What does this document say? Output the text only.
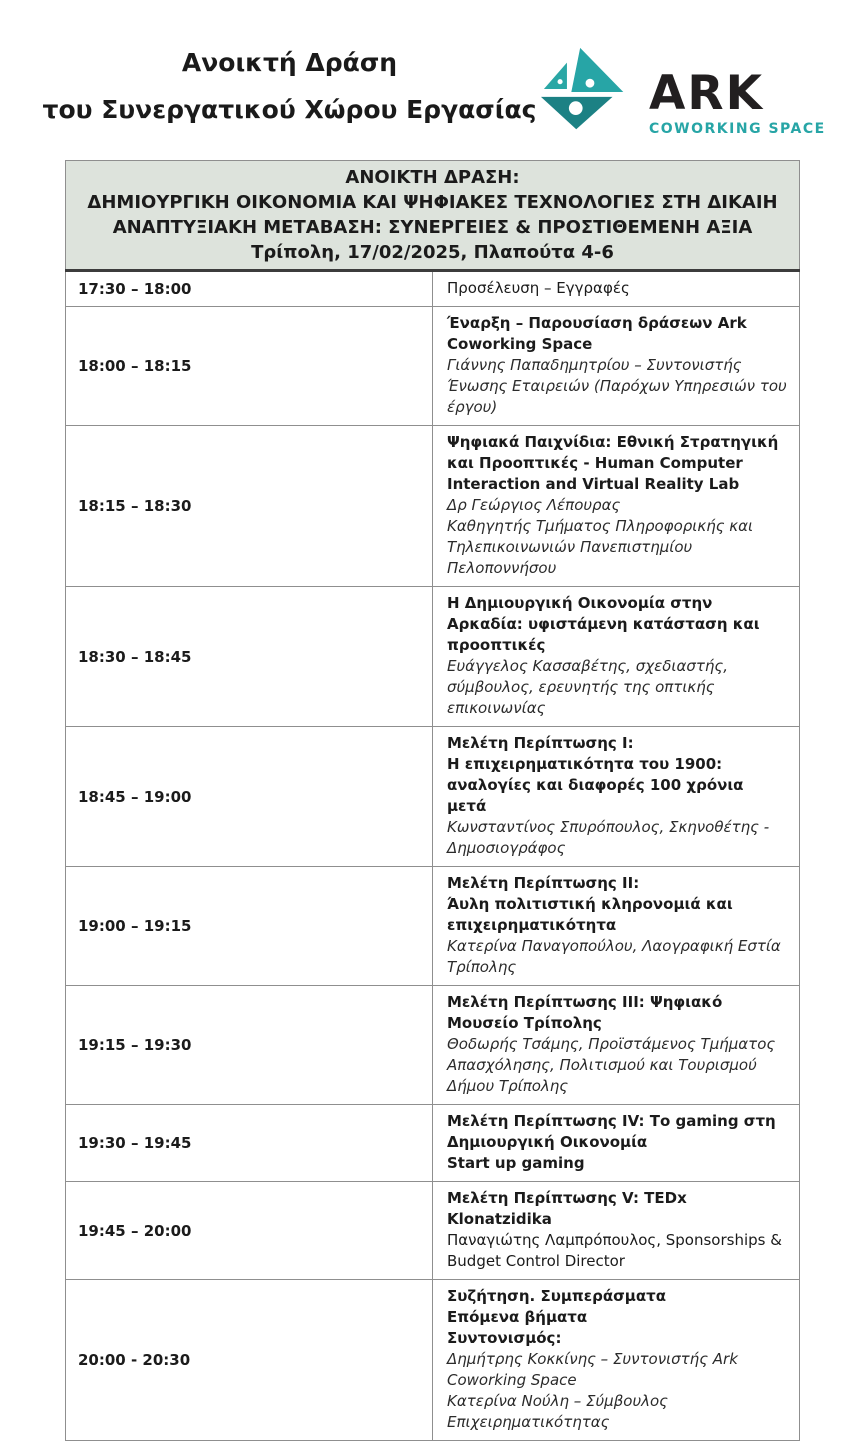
Ανοικτή Δράση
του Συνεργατικού Χώρου Εργασίας ARK
COWORKING SPACE
ΑΝΟΙΚΤΗ ΔΡΑΣΗ:
ΔΗΜΙΟΥΡΓΙΚΗ ΟΙΚΟΝΟΜΙΑ ΚΑΙ ΨΗΦΙΑΚΕΣ ΤΕΧΝΟΛΟΓΙΕΣ ΣΤΗ ΔΙΚΑΙΗ
ΑΝΑΠΤΥΞΙΑΚΗ ΜΕΤΑΒΑΣΗ: ΣΥΝΕΡΓΕΙΕΣ & ΠΡΟΣΤΙΘΕΜΕΝΗ ΑΞΙΑ
Τρίπολη, 17/02/2025, Πλαπούτα 4-6	

17:30 – 18:00	Προσέλευση – Εγγραφές

18:00 – 18:15	Έναρξη – Παρουσίαση δράσεων Ark Coworking Space
Γιάννης Παπαδημητρίου – Συντονιστής Ένωσης Εταιρειών (Παρόχων Υπηρεσιών του έργου)

18:15 – 18:30	Ψηφιακά Παιχνίδια: Εθνική Στρατηγική και Προοπτικές - Human Computer Interaction and Virtual Reality Lab
Δρ Γεώργιος Λέπουρας
Καθηγητής Τμήματος Πληροφορικής και Τηλεπικοινωνιών Πανεπιστημίου Πελοποννήσου

18:30 – 18:45	Η Δημιουργική Οικονομία στην Αρκαδία: υφιστάμενη κατάσταση και προοπτικές
Ευάγγελος Κασσαβέτης, σχεδιαστής, σύμβουλος, ερευνητής της οπτικής επικοινωνίας

18:45 – 19:00	Μελέτη Περίπτωσης Ι:
Η επιχειρηματικότητα του 1900: αναλογίες και διαφορές 100 χρόνια μετά
Κωνσταντίνος Σπυρόπουλος, Σκηνοθέτης - Δημοσιογράφος

19:00 – 19:15	Μελέτη Περίπτωσης ΙΙ:
Άυλη πολιτιστική κληρονομιά και επιχειρηματικότητα
Κατερίνα Παναγοπούλου, Λαογραφική Εστία Τρίπολης

19:15 – 19:30	Μελέτη Περίπτωσης ΙΙΙ: Ψηφιακό Μουσείο Τρίπολης
Θοδωρής Τσάμης, Προϊστάμενος Τμήματος Απασχόλησης, Πολιτισμού και Τουρισμού Δήμου Τρίπολης

19:30 – 19:45	Μελέτη Περίπτωσης IV: Το gaming στη Δημιουργική Οικονομία
Start up gaming

19:45 – 20:00	Μελέτη Περίπτωσης V: TEDx Klonatzidika
Παναγιώτης Λαμπρόπουλος, Sponsorships & Budget Control Director

20:00 - 20:30	Συζήτηση. Συμπεράσματα
Επόμενα βήματα
Συντονισμός:
Δημήτρης Κοκκίνης – Συντονιστής Ark Coworking Space
Κατερίνα Νούλη – Σύμβουλος Επιχειρηματικότητας
